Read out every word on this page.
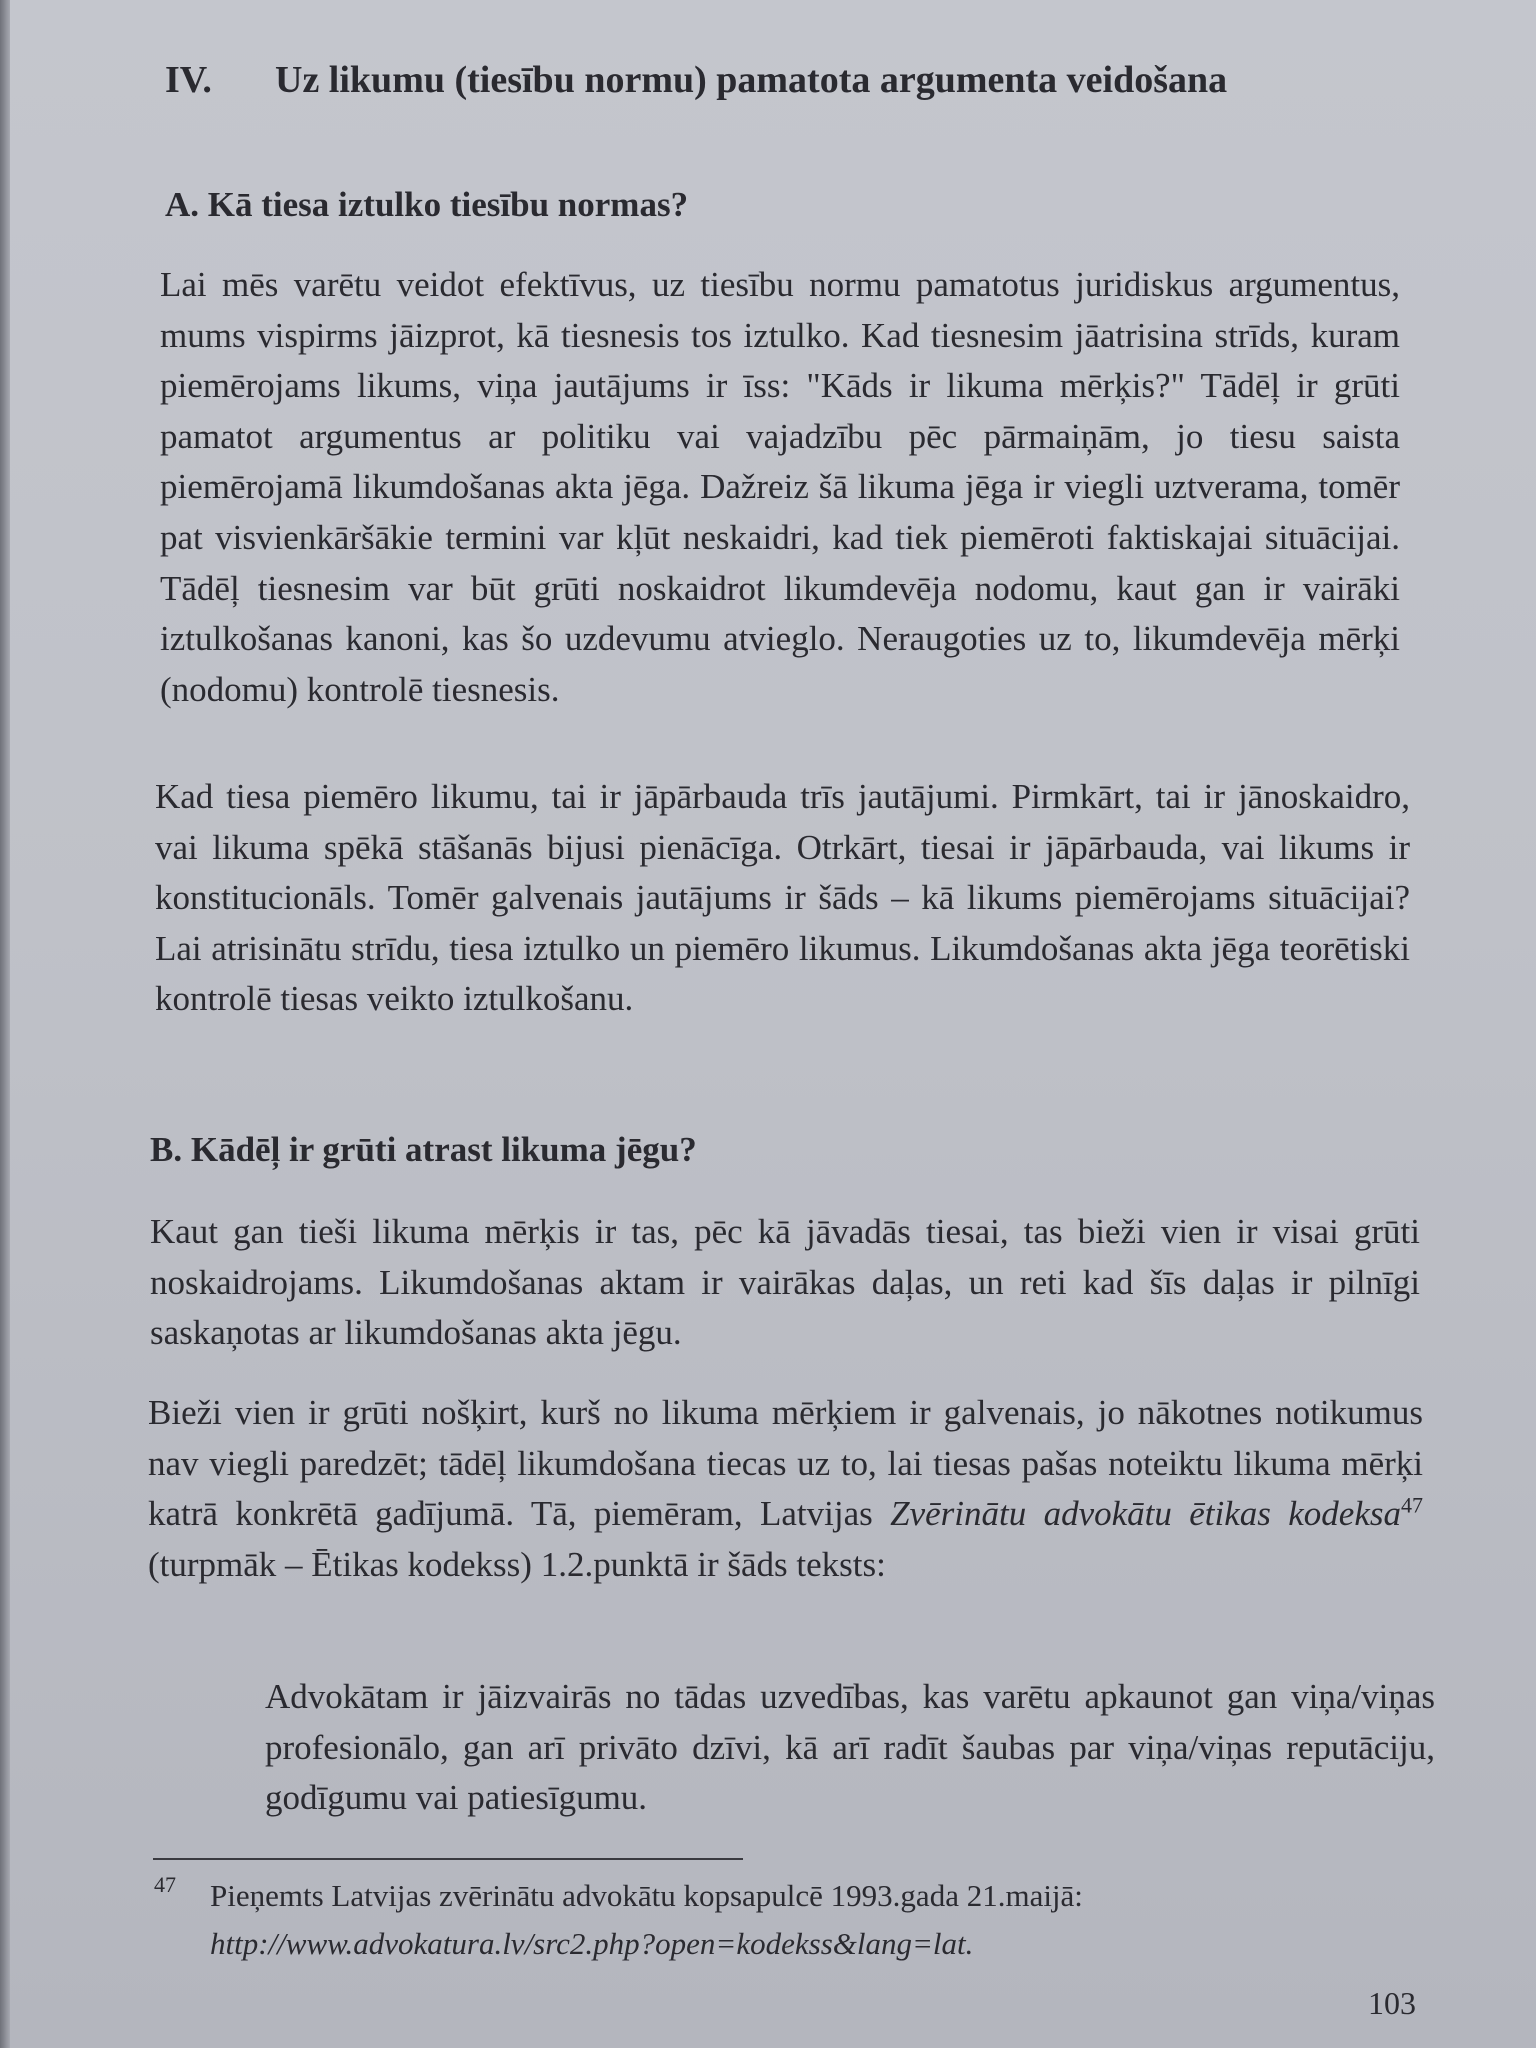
IV. Uz likumu (tiesību normu) pamatota argumenta veidošana
A. Kā tiesa iztulko tiesību normas?

Lai mēs varētu veidot efektīvus, uz tiesību normu pamatotus juridiskus argumentus, mums vispirms jāizprot, kā tiesnesis tos iztulko. Kad tiesnesim jāatrisina strīds, kuram piemērojams likums, viņa jautājums ir īss: "Kāds ir likuma mērķis?" Tādēļ ir grūti pamatot argumentus ar politiku vai vajadzību pēc pārmaiņām, jo tiesu saista piemērojamā likumdošanas akta jēga. Dažreiz šā likuma jēga ir viegli uztverama, tomēr pat visvienkāršākie termini var kļūt neskaidri, kad tiek piemēroti faktiskajai situācijai. Tādēļ tiesnesim var būt grūti noskaidrot likumdevēja nodomu, kaut gan ir vairāki iztulkošanas kanoni, kas šo uzdevumu atvieglo. Neraugoties uz to, likumdevēja mērķi (nodomu) kontrolē tiesnesis.

Kad tiesa piemēro likumu, tai ir jāpārbauda trīs jautājumi. Pirmkārt, tai ir jānoskaidro, vai likuma spēkā stāšanās bijusi pienācīga. Otrkārt, tiesai ir jāpārbauda, vai likums ir konstitucionāls. Tomēr galvenais jautājums ir šāds – kā likums piemērojams situācijai? Lai atrisinātu strīdu, tiesa iztulko un piemēro likumus. Likumdošanas akta jēga teorētiski kontrolē tiesas veikto iztulkošanu.

B. Kādēļ ir grūti atrast likuma jēgu?

Kaut gan tieši likuma mērķis ir tas, pēc kā jāvadās tiesai, tas bieži vien ir visai grūti noskaidrojams. Likumdošanas aktam ir vairākas daļas, un reti kad šīs daļas ir pilnīgi saskaņotas ar likumdošanas akta jēgu.

Bieži vien ir grūti nošķirt, kurš no likuma mērķiem ir galvenais, jo nākotnes notikumus nav viegli paredzēt; tādēļ likumdošana tiecas uz to, lai tiesas pašas noteiktu likuma mērķi katrā konkrētā gadījumā. Tā, piemēram, Latvijas Zvērinātu advokātu ētikas kodeksa$^{47}$ (turpmāk – Ētikas kodekss) 1.2.punktā ir šāds teksts:

Advokātam ir jāizvairās no tādas uzvedības, kas varētu apkaunot gan viņa/viņas profesionālo, gan arī privāto dzīvi, kā arī radīt šaubas par viņa/viņas reputāciju, godīgumu vai patiesīgumu.

47 Pieņemts Latvijas zvērinātu advokātu kopsapulcē 1993.gada 21.maijā:
http://www.advokatura.lv/src2.php?open=kodekss&lang=lat.

103
